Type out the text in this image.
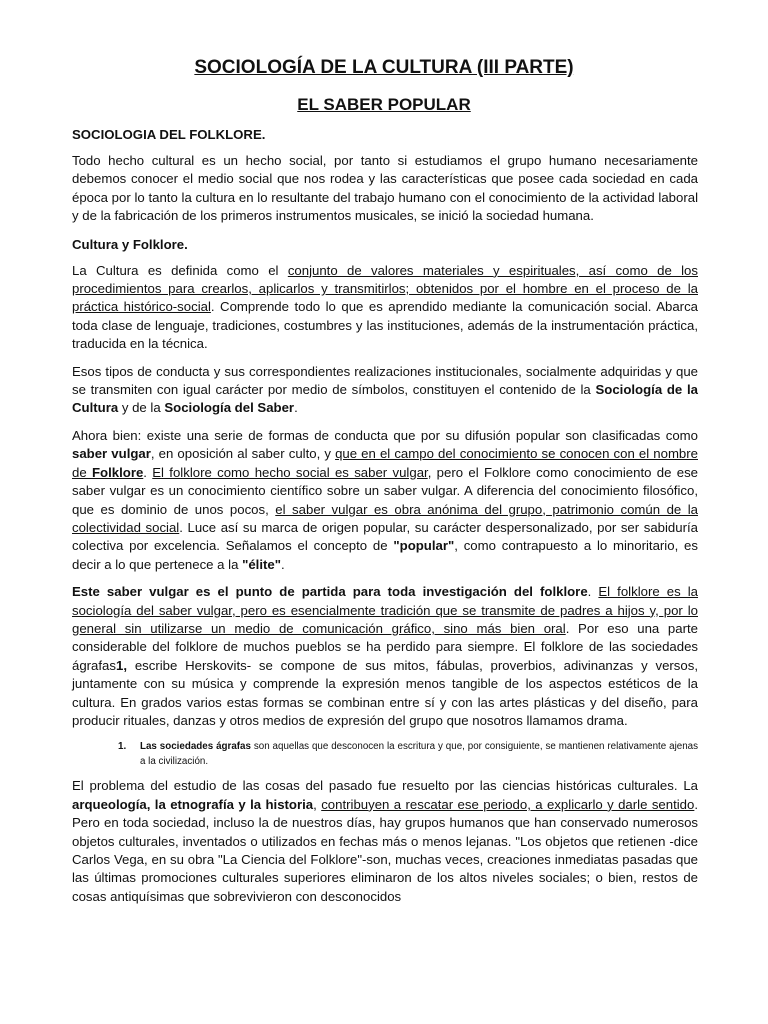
SOCIOLOGÍA DE LA CULTURA (III PARTE)
EL SABER POPULAR

SOCIOLOGIA DEL FOLKLORE.

Todo hecho cultural es un hecho social, por tanto si estudiamos el grupo humano necesariamente debemos conocer el medio social que nos rodea y las características que posee cada sociedad en cada época por lo tanto la cultura en lo resultante del trabajo humano con el conocimiento de la actividad laboral y de la fabricación de los primeros instrumentos musicales, se inició la sociedad humana.

Cultura y Folklore.

La Cultura es definida como el conjunto de valores materiales y espirituales, así como de los procedimientos para crearlos, aplicarlos y transmitirlos; obtenidos por el hombre en el proceso de la práctica histórico-social. Comprende todo lo que es aprendido mediante la comunicación social. Abarca toda clase de lenguaje, tradiciones, costumbres y las instituciones, además de la instrumentación práctica, traducida en la técnica.

Esos tipos de conducta y sus correspondientes realizaciones institucionales, socialmente adquiridas y que se transmiten con igual carácter por medio de símbolos, constituyen el contenido de la Sociología de la Cultura y de la Sociología del Saber.

Ahora bien: existe una serie de formas de conducta que por su difusión popular son clasificadas como saber vulgar, en oposición al saber culto, y que en el campo del conocimiento se conocen con el nombre de Folklore. El folklore como hecho social es saber vulgar, pero el Folklore como conocimiento de ese saber vulgar es un conocimiento científico sobre un saber vulgar. A diferencia del conocimiento filosófico, que es dominio de unos pocos, el saber vulgar es obra anónima del grupo, patrimonio común de la colectividad social. Luce así su marca de origen popular, su carácter despersonalizado, por ser sabiduría colectiva por excelencia. Señalamos el concepto de "popular", como contrapuesto a lo minoritario, es decir a lo que pertenece a la "élite".

Este saber vulgar es el punto de partida para toda investigación del folklore. El folklore es la sociología del saber vulgar, pero es esencialmente tradición que se transmite de padres a hijos y, por lo general sin utilizarse un medio de comunicación gráfico, sino más bien oral. Por eso una parte considerable del folklore de muchos pueblos se ha perdido para siempre. El folklore de las sociedades ágrafas1, escribe Herskovits- se compone de sus mitos, fábulas, proverbios, adivinanzas y versos, juntamente con su música y comprende la expresión menos tangible de los aspectos estéticos de la cultura. En grados varios estas formas se combinan entre sí y con las artes plásticas y del diseño, para producir rituales, danzas y otros medios de expresión del grupo que nosotros llamamos drama.

1.	Las sociedades ágrafas son aquellas que desconocen la escritura y que, por consiguiente, se mantienen relativamente ajenas a la civilización.

El problema del estudio de las cosas del pasado fue resuelto por las ciencias históricas culturales. La arqueología, la etnografía y la historia, contribuyen a rescatar ese periodo, a explicarlo y darle sentido. Pero en toda sociedad, incluso la de nuestros días, hay grupos humanos que han conservado numerosos objetos culturales, inventados o utilizados en fechas más o menos lejanas. "Los objetos que retienen -dice Carlos Vega, en su obra "La Ciencia del Folklore"-son, muchas veces, creaciones inmediatas pasadas que las últimas promociones culturales superiores eliminaron de los altos niveles sociales; o bien, restos de cosas antiquísimas que sobrevivieron con desconocidos
